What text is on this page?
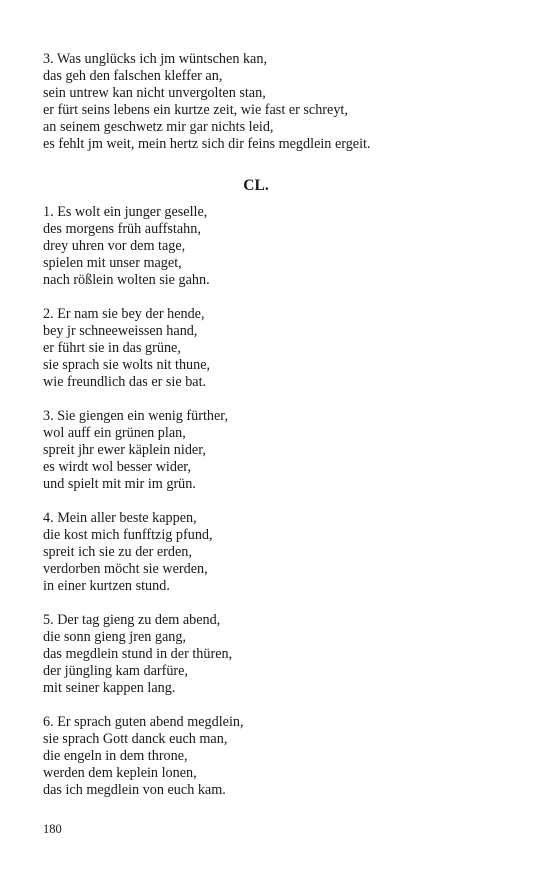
3. Was unglücks ich jm wüntschen kan,
das geh den falschen kleffer an,
sein untrew kan nicht unvergolten stan,
er fürt seins lebens ein kurtze zeit, wie fast er schreyt,
an seinem geschwetz mir gar nichts leid,
es fehlt jm weit, mein hertz sich dir feins megdlein ergeit.
CL.
1. Es wolt ein junger geselle,
des morgens früh auffstahn,
drey uhren vor dem tage,
spielen mit unser maget,
nach rößlein wolten sie gahn.
2. Er nam sie bey der hende,
bey jr schneeweissen hand,
er führt sie in das grüne,
sie sprach sie wolts nit thune,
wie freundlich das er sie bat.
3. Sie giengen ein wenig fürther,
wol auff ein grünen plan,
spreit jhr ewer käplein nider,
es wirdt wol besser wider,
und spielt mit mir im grün.
4. Mein aller beste kappen,
die kost mich funfftzig pfund,
spreit ich sie zu der erden,
verdorben möcht sie werden,
in einer kurtzen stund.
5. Der tag gieng zu dem abend,
die sonn gieng jren gang,
das megdlein stund in der thüren,
der jüngling kam darfüre,
mit seiner kappen lang.
6. Er sprach guten abend megdlein,
sie sprach Gott danck euch man,
die engeln in dem throne,
werden dem keplein lonen,
das ich megdlein von euch kam.
180
